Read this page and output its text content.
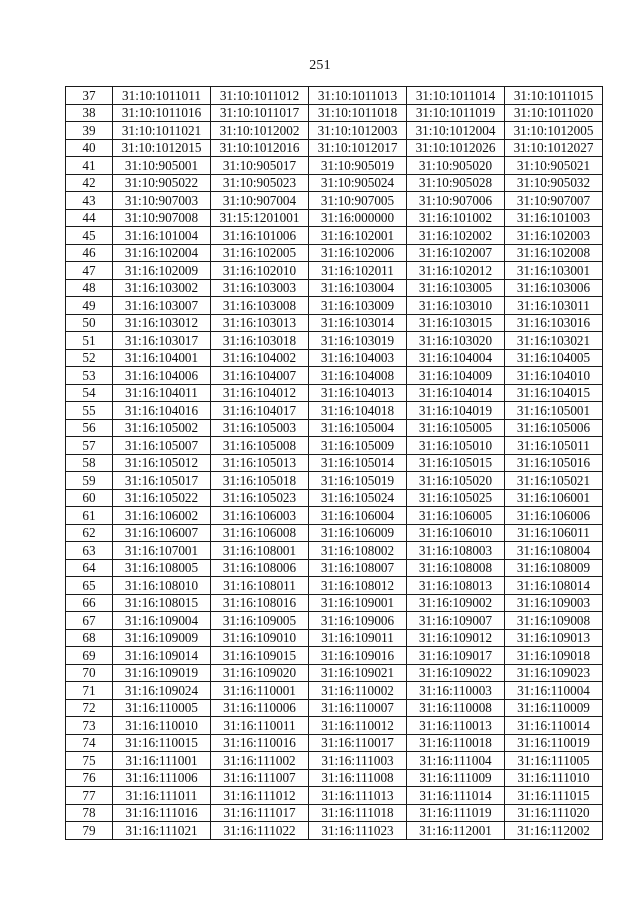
251
37	31:10:1011011	31:10:1011012	31:10:1011013	31:10:1011014	31:10:1011015
38	31:10:1011016	31:10:1011017	31:10:1011018	31:10:1011019	31:10:1011020
39	31:10:1011021	31:10:1012002	31:10:1012003	31:10:1012004	31:10:1012005
40	31:10:1012015	31:10:1012016	31:10:1012017	31:10:1012026	31:10:1012027
41	31:10:905001	31:10:905017	31:10:905019	31:10:905020	31:10:905021
42	31:10:905022	31:10:905023	31:10:905024	31:10:905028	31:10:905032
43	31:10:907003	31:10:907004	31:10:907005	31:10:907006	31:10:907007
44	31:10:907008	31:15:1201001	31:16:000000	31:16:101002	31:16:101003
45	31:16:101004	31:16:101006	31:16:102001	31:16:102002	31:16:102003
46	31:16:102004	31:16:102005	31:16:102006	31:16:102007	31:16:102008
47	31:16:102009	31:16:102010	31:16:102011	31:16:102012	31:16:103001
48	31:16:103002	31:16:103003	31:16:103004	31:16:103005	31:16:103006
49	31:16:103007	31:16:103008	31:16:103009	31:16:103010	31:16:103011
50	31:16:103012	31:16:103013	31:16:103014	31:16:103015	31:16:103016
51	31:16:103017	31:16:103018	31:16:103019	31:16:103020	31:16:103021
52	31:16:104001	31:16:104002	31:16:104003	31:16:104004	31:16:104005
53	31:16:104006	31:16:104007	31:16:104008	31:16:104009	31:16:104010
54	31:16:104011	31:16:104012	31:16:104013	31:16:104014	31:16:104015
55	31:16:104016	31:16:104017	31:16:104018	31:16:104019	31:16:105001
56	31:16:105002	31:16:105003	31:16:105004	31:16:105005	31:16:105006
57	31:16:105007	31:16:105008	31:16:105009	31:16:105010	31:16:105011
58	31:16:105012	31:16:105013	31:16:105014	31:16:105015	31:16:105016
59	31:16:105017	31:16:105018	31:16:105019	31:16:105020	31:16:105021
60	31:16:105022	31:16:105023	31:16:105024	31:16:105025	31:16:106001
61	31:16:106002	31:16:106003	31:16:106004	31:16:106005	31:16:106006
62	31:16:106007	31:16:106008	31:16:106009	31:16:106010	31:16:106011
63	31:16:107001	31:16:108001	31:16:108002	31:16:108003	31:16:108004
64	31:16:108005	31:16:108006	31:16:108007	31:16:108008	31:16:108009
65	31:16:108010	31:16:108011	31:16:108012	31:16:108013	31:16:108014
66	31:16:108015	31:16:108016	31:16:109001	31:16:109002	31:16:109003
67	31:16:109004	31:16:109005	31:16:109006	31:16:109007	31:16:109008
68	31:16:109009	31:16:109010	31:16:109011	31:16:109012	31:16:109013
69	31:16:109014	31:16:109015	31:16:109016	31:16:109017	31:16:109018
70	31:16:109019	31:16:109020	31:16:109021	31:16:109022	31:16:109023
71	31:16:109024	31:16:110001	31:16:110002	31:16:110003	31:16:110004
72	31:16:110005	31:16:110006	31:16:110007	31:16:110008	31:16:110009
73	31:16:110010	31:16:110011	31:16:110012	31:16:110013	31:16:110014
74	31:16:110015	31:16:110016	31:16:110017	31:16:110018	31:16:110019
75	31:16:111001	31:16:111002	31:16:111003	31:16:111004	31:16:111005
76	31:16:111006	31:16:111007	31:16:111008	31:16:111009	31:16:111010
77	31:16:111011	31:16:111012	31:16:111013	31:16:111014	31:16:111015
78	31:16:111016	31:16:111017	31:16:111018	31:16:111019	31:16:111020
79	31:16:111021	31:16:111022	31:16:111023	31:16:112001	31:16:112002
